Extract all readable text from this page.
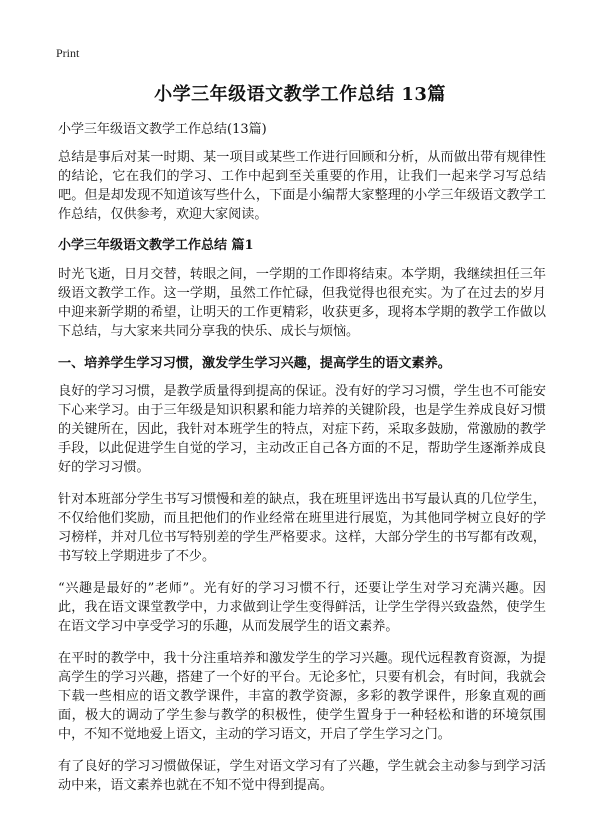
Print
小学三年级语文教学工作总结 13篇

小学三年级语文教学工作总结(13篇)

总结是事后对某一时期、某一项目或某些工作进行回顾和分析，从而做出带有规律性的结论，它在我们的学习、工作中起到至关重要的作用，让我们一起来学习写总结吧。但是却发现不知道该写些什么，下面是小编帮大家整理的小学三年级语文教学工作总结，仅供参考，欢迎大家阅读。

小学三年级语文教学工作总结 篇1

时光飞逝，日月交替，转眼之间，一学期的工作即将结束。本学期，我继续担任三年级语文教学工作。这一学期，虽然工作忙碌，但我觉得也很充实。为了在过去的岁月中迎来新学期的希望，让明天的工作更精彩，收获更多，现将本学期的教学工作做以下总结，与大家来共同分享我的快乐、成长与烦恼。

一、培养学生学习习惯，激发学生学习兴趣，提高学生的语文素养。

良好的学习习惯，是教学质量得到提高的保证。没有好的学习习惯，学生也不可能安下心来学习。由于三年级是知识积累和能力培养的关键阶段，也是学生养成良好习惯的关键所在，因此，我针对本班学生的特点，对症下药，采取多鼓励，常激励的教学手段，以此促进学生自觉的学习，主动改正自己各方面的不足，帮助学生逐渐养成良好的学习习惯。

针对本班部分学生书写习惯慢和差的缺点，我在班里评选出书写最认真的几位学生，不仅给他们奖励，而且把他们的作业经常在班里进行展览，为其他同学树立良好的学习榜样，并对几位书写特别差的学生严格要求。这样，大部分学生的书写都有改观，书写较上学期进步了不少。

“兴趣是最好的”老师”。光有好的学习习惯不行，还要让学生对学习充满兴趣。因此，我在语文课堂教学中，力求做到让学生变得鲜活，让学生学得兴致盎然，使学生在语文学习中享受学习的乐趣，从而发展学生的语文素养。

在平时的教学中，我十分注重培养和激发学生的学习兴趣。现代远程教育资源，为提高学生的学习兴趣，搭建了一个好的平台。无论多忙，只要有机会，有时间，我就会下载一些相应的语文教学课件，丰富的教学资源，多彩的教学课件，形象直观的画面，极大的调动了学生参与教学的积极性，使学生置身于一种轻松和谐的环境氛围中，不知不觉地爱上语文，主动的学习语文，开启了学生学习之门。

有了良好的学习习惯做保证，学生对语文学习有了兴趣，学生就会主动参与到学习活动中来，语文素养也就在不知不觉中得到提高。
